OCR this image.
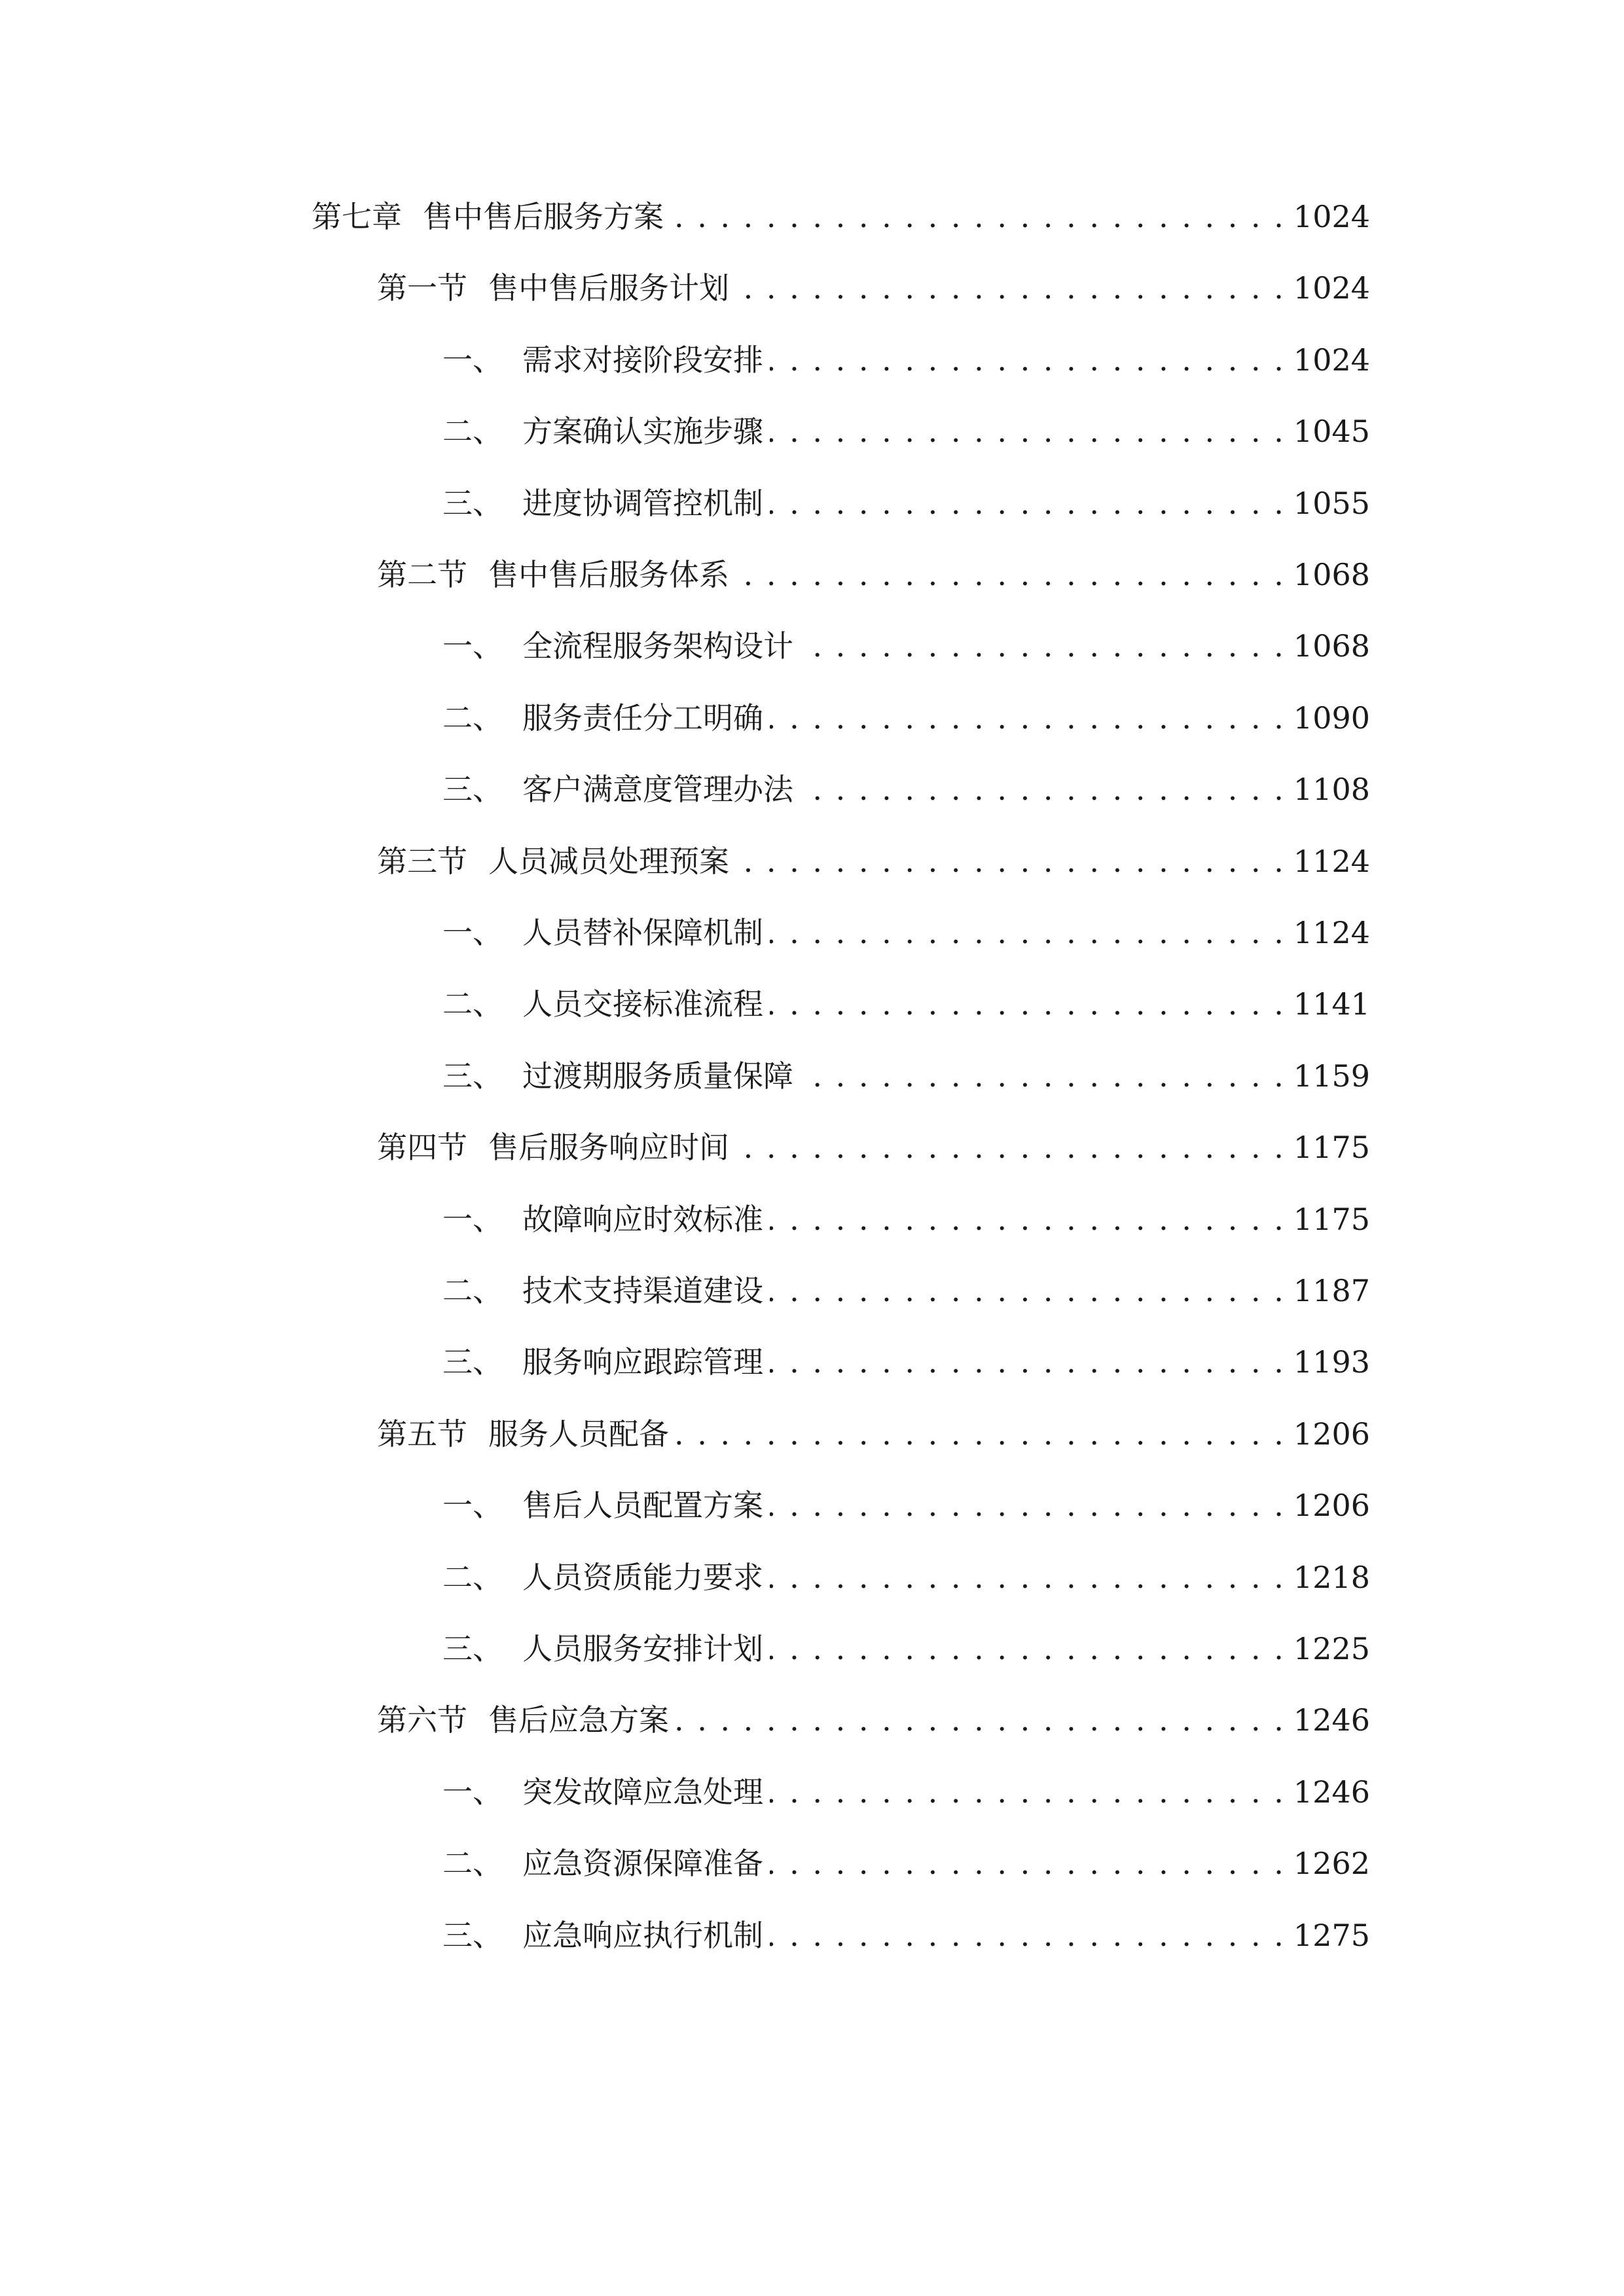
第七章 售中售后服务方案 . . .	1024
第一节 售中售后服务计划 . . .	1024
一、 需求对接阶段安排 . . .	1024
二、 方案确认实施步骤 . . .	1045
三、 进度协调管控机制 . . .	1055
第二节 售中售后服务体系 . . .	1068
一、 全流程服务架构设计 . . .	1068
二、 服务责任分工明确 . . .	1090
三、 客户满意度管理办法 . . .	1108
第三节 人员减员处理预案 . . .	1124
一、 人员替补保障机制 . . .	1124
二、 人员交接标准流程 . . .	1141
三、 过渡期服务质量保障 . . .	1159
第四节 售后服务响应时间 . . .	1175
一、 故障响应时效标准 . . .	1175
二、 技术支持渠道建设 . . .	1187
三、 服务响应跟踪管理 . . .	1193
第五节 服务人员配备 . . .	1206
一、 售后人员配置方案 . . .	1206
二、 人员资质能力要求 . . .	1218
三、 人员服务安排计划 . . .	1225
第六节 售后应急方案 . . .	1246
一、 突发故障应急处理 . . .	1246
二、 应急资源保障准备 . . .	1262
三、 应急响应执行机制 . . .	1275
